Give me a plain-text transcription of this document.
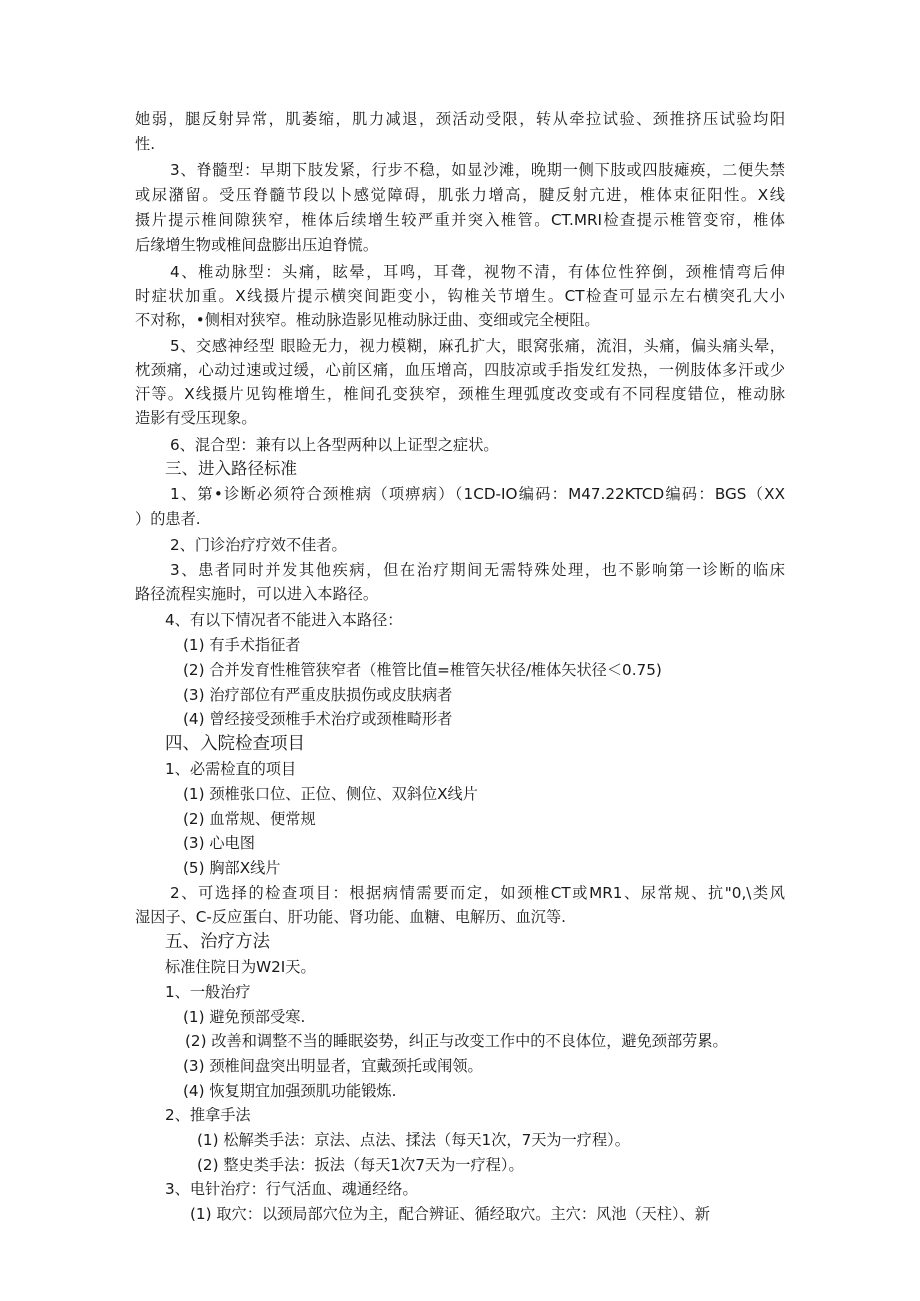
她弱，腿反射异常，肌萎缩，肌力减退，颈活动受限，转从牵拉试验、颈推挤压试验均阳
性.
3、脊髓型：早期下肢发紧，行步不稳，如显沙滩，晚期一侧下肢或四肢瘫痪，二便失禁
或尿潴留。受压脊髓节段以卜感觉障碍，肌张力增高，腱反射亢进，椎体束征阳性。X线
摄片提示椎间隙狭窄，椎体后续增生较严重并突入椎管。CT.MRI检查提示椎管变帘，椎体
后缘增生物或椎间盘膨出压迫脊慌。
4、椎动脉型：头痛，眩晕，耳鸣，耳聋，视物不清，有体位性猝倒，颈椎情弯后伸
时症状加重。X线摄片提示横突间距变小，钩椎关节增生。CT检查可显示左右横突孔大小
不对称，•侧相对狭窄。椎动脉造影见椎动脉迂曲、变细或完全梗阻。
5、交感神经型 眼睑无力，视力模糊，麻孔扩大，眼窝张痛，流泪，头痛，偏头痛头晕，
枕颈痛，心动过速或过缓，心前区痛，血压增高，四肢凉或手指发红发热，一例肢体多汗或少
汗等。X线摄片见钩椎增生，椎间孔变狭窄，颈椎生理弧度改变或有不同程度错位，椎动脉
造影有受压现象。
6、混合型：兼有以上各型两种以上证型之症状。
三、进入路径标准
1、第•诊断必须符合颈椎病（项痹病）（1CD-IO编码：M47.22KTCD编码：BGS（XX
）的患者.
2、门诊治疗疗效不佳者。
3、患者同时并发其他疾病，但在治疗期间无需特殊处理，也不影响第一诊断的临床
路径流程实施时，可以进入本路径。
4、有以下情况者不能进入本路径：
(1) 有手术指征者
(2) 合并发育性椎管狭窄者（椎管比值=椎管矢状径/椎体矢状径＜0.75)
(3) 治疗部位有严重皮肤损伤或皮肤病者
(4) 曾经接受颈椎手术治疗或颈椎畸形者
四、入院检查项目
1、必需检直的项目
(1) 颈椎张口位、正位、侧位、双斜位X线片
(2) 血常规、便常规
(3) 心电图
(5) 胸部X线片
2、可选择的检查项目：根据病情需要而定，如颈椎CT或MR1、尿常规、抗"0,\类风
湿因子、C-反应蛋白、肝功能、肾功能、血糖、电解历、血沉等.
五、治疗方法
标准住院日为W2I天。
1、一般治疗
(1) 避免预部受寒.
(2) 改善和调整不当的睡眠姿势，纠正与改变工作中的不良体位，避免颈部劳累。
(3) 颈椎间盘突出明显者，宜戴颈托或闱领。
(4) 恢复期宜加强颈肌功能锻炼.
2、推拿手法
(1) 松解类手法：京法、点法、揉法（每天1次，7天为一疗程）。
(2) 整史类手法：扳法（每天1次7天为一疗程）。
3、电针治疗：行气活血、魂通经络。
(1) 取穴：以颈局部穴位为主，配合辨证、循经取穴。主穴：风池（天柱）、新
